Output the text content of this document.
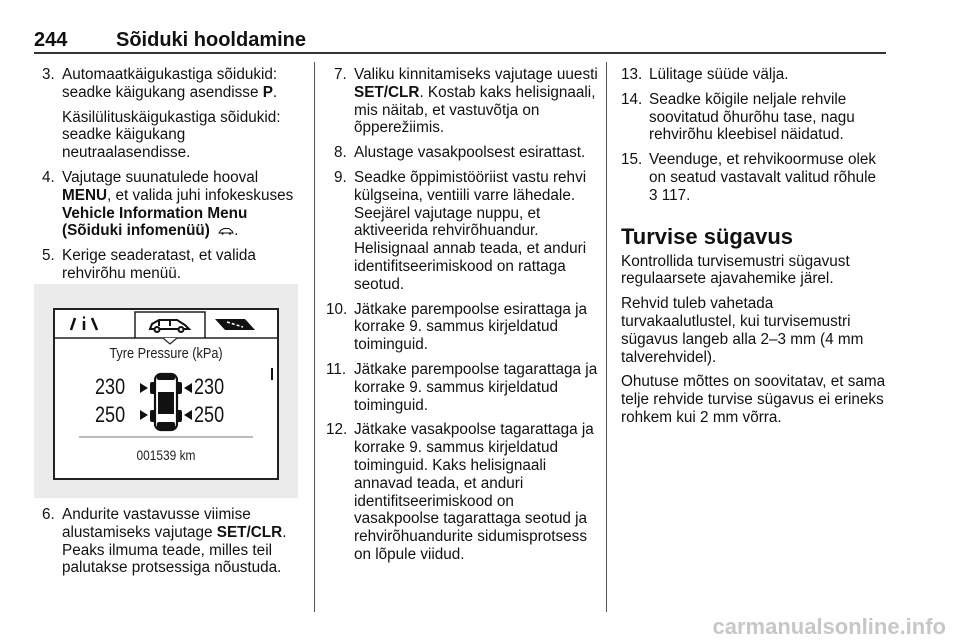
244 Sõiduki hooldamine
3. Automaatkäigukastiga sõidukid: seadke käigukang asendisse P.
Käsilülituskäigukastiga sõidukid: seadke käigukang neutraalasendisse.
4. Vajutage suunatulede hooval MENU, et valida juhi infokeskuses Vehicle Information Menu (Sõiduki infomenüü) .
5. Kerige seaderatast, et valida rehvirõhu menüü.
Tyre Pressure (kPa)
230	230
250	250
001539 km
6. Andurite vastavusse viimise alustamiseks vajutage SET/CLR. Peaks ilmuma teade, milles teil palutakse protsessiga nõustuda.
7. Valiku kinnitamiseks vajutage uuesti SET/CLR. Kostab kaks helisignaali, mis näitab, et vastuvõtja on õpperežiimis.
8. Alustage vasakpoolsest esirattast.
9. Seadke õppimistööriist vastu rehvi külgseina, ventiili varre lähedale. Seejärel vajutage nuppu, et aktiveerida rehvirõhuandur. Helisignaal annab teada, et anduri identifitseerimiskood on rattaga seotud.
10. Jätkake parempoolse esirattaga ja korrake 9. sammus kirjeldatud toiminguid.
11. Jätkake parempoolse tagarattaga ja korrake 9. sammus kirjeldatud toiminguid.
12. Jätkake vasakpoolse tagarattaga ja korrake 9. sammus kirjeldatud toiminguid. Kaks helisignaali annavad teada, et anduri identifitseerimiskood on vasakpoolse tagarattaga seotud ja rehvirõhuandurite sidumisprotsess on lõpule viidud.
13. Lülitage süüde välja.
14. Seadke kõigile neljale rehvile soovitatud õhurõhu tase, nagu rehvirõhu kleebisel näidatud.
15. Veenduge, et rehvikoormuse olek on seatud vastavalt valitud rõhule
3 117.
Turvise sügavus
Kontrollida turvisemustri sügavust regulaarsete ajavahemike järel.
Rehvid tuleb vahetada turvakaalutlustel, kui turvisemustri sügavus langeb alla 2–3 mm (4 mm talverehvidel).
Ohutuse mõttes on soovitatav, et sama telje rehvide turvise sügavus ei erineks rohkem kui 2 mm võrra.
carmanualsonline.info
